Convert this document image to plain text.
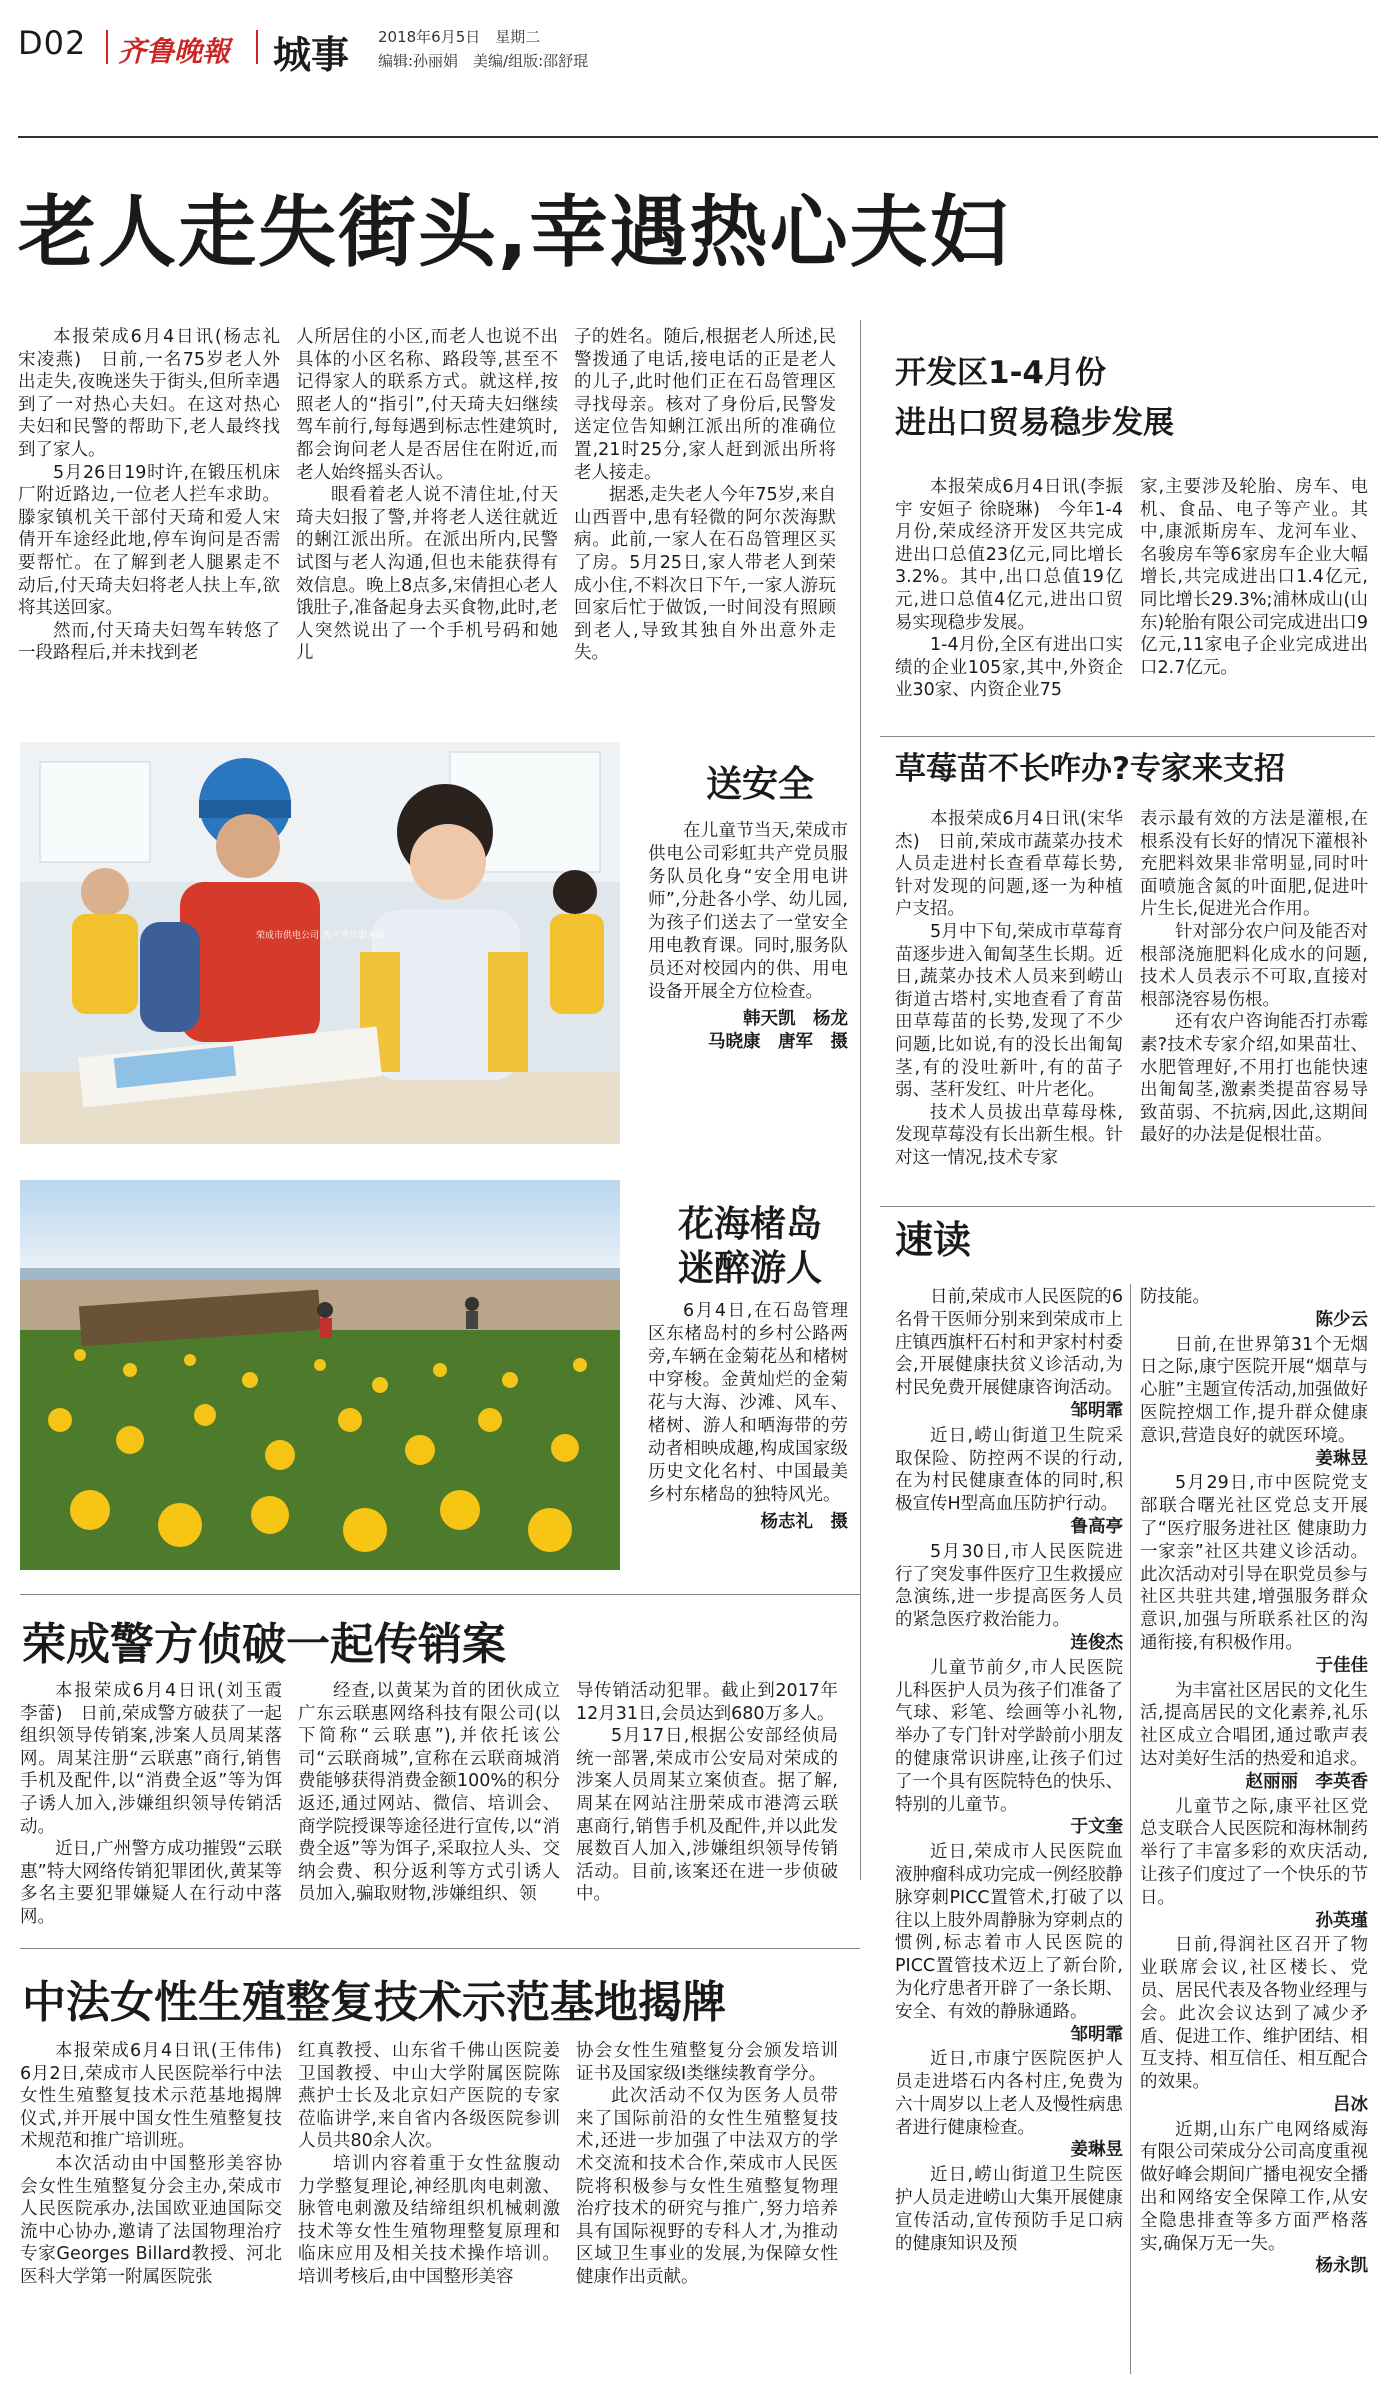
D02 齐鲁晚報 城事 2018年6月5日　星期二
编辑:孙丽娟　美编/组版:邵舒琨
老人走失街头,幸遇热心夫妇

本报荣成6月4日讯(杨志礼 宋凌燕)　日前,一名75岁老人外出走失,夜晚迷失于街头,但所幸遇到了一对热心夫妇。在这对热心夫妇和民警的帮助下,老人最终找到了家人。

5月26日19时许,在锻压机床厂附近路边,一位老人拦车求助。滕家镇机关干部付天琦和爱人宋倩开车途经此地,停车询问是否需要帮忙。在了解到老人腿累走不动后,付天琦夫妇将老人扶上车,欲将其送回家。

然而,付天琦夫妇驾车转悠了一段路程后,并未找到老

人所居住的小区,而老人也说不出具体的小区名称、路段等,甚至不记得家人的联系方式。就这样,按照老人的“指引”,付天琦夫妇继续驾车前行,每每遇到标志性建筑时,都会询问老人是否居住在附近,而老人始终摇头否认。

眼看着老人说不清住址,付天琦夫妇报了警,并将老人送往就近的蜊江派出所。在派出所内,民警试图与老人沟通,但也未能获得有效信息。晚上8点多,宋倩担心老人饿肚子,准备起身去买食物,此时,老人突然说出了一个手机号码和她儿

子的姓名。随后,根据老人所述,民警拨通了电话,接电话的正是老人的儿子,此时他们正在石岛管理区寻找母亲。核对了身份后,民警发送定位告知蜊江派出所的准确位置,21时25分,家人赶到派出所将老人接走。

据悉,走失老人今年75岁,来自山西晋中,患有轻微的阿尔茨海默病。此前,一家人在石岛管理区买了房。5月25日,家人带老人到荣成小住,不料次日下午,一家人游玩回家后忙于做饭,一时间没有照顾到老人,导致其独自外出意外走失。

开发区1-4月份
进出口贸易稳步发展

本报荣成6月4日讯(李振宇 安姮子 徐晓琳)　今年1-4月份,荣成经济开发区共完成进出口总值23亿元,同比增长3.2%。其中,出口总值19亿元,进口总值4亿元,进出口贸易实现稳步发展。

1-4月份,全区有进出口实绩的企业105家,其中,外资企业30家、内资企业75

家,主要涉及轮胎、房车、电机、食品、电子等产业。其中,康派斯房车、龙河车业、名骏房车等6家房车企业大幅增长,共完成进出口1.4亿元,同比增长29.3%;浦林成山(山东)轮胎有限公司完成进出口9亿元,11家电子企业完成进出口2.7亿元。

荣成市供电公司 共产党员服务队
送安全

在儿童节当天,荣成市供电公司彩虹共产党员服务队员化身“安全用电讲师”,分赴各小学、幼儿园,为孩子们送去了一堂安全用电教育课。同时,服务队员还对校园内的供、用电设备开展全方位检查。

韩天凯　杨龙

马晓康　唐军　摄

草莓苗不长咋办?专家来支招

本报荣成6月4日讯(宋华杰)　日前,荣成市蔬菜办技术人员走进村长查看草莓长势,针对发现的问题,逐一为种植户支招。

5月中下旬,荣成市草莓育苗逐步进入匍匐茎生长期。近日,蔬菜办技术人员来到崂山街道古塔村,实地查看了育苗田草莓苗的长势,发现了不少问题,比如说,有的没长出匍匐茎,有的没吐新叶,有的苗子弱、茎秆发红、叶片老化。

技术人员拔出草莓母株,发现草莓没有长出新生根。针对这一情况,技术专家

表示最有效的方法是灌根,在根系没有长好的情况下灌根补充肥料效果非常明显,同时叶面喷施含氮的叶面肥,促进叶片生长,促进光合作用。

针对部分农户问及能否对根部浇施肥料化成水的问题,技术人员表示不可取,直接对根部浇容易伤根。

还有农户咨询能否打赤霉素?技术专家介绍,如果苗壮、水肥管理好,不用打也能快速出匍匐茎,激素类提苗容易导致苗弱、不抗病,因此,这期间最好的办法是促根壮苗。

花海楮岛
迷醉游人

6月4日,在石岛管理区东楮岛村的乡村公路两旁,车辆在金菊花丛和楮树中穿梭。金黄灿烂的金菊花与大海、沙滩、风车、楮树、游人和晒海带的劳动者相映成趣,构成国家级历史文化名村、中国最美乡村东楮岛的独特风光。

杨志礼　摄

速读

日前,荣成市人民医院的6名骨干医师分别来到荣成市上庄镇西旗杆石村和尹家村村委会,开展健康扶贫义诊活动,为村民免费开展健康咨询活动。

邹明霏

近日,崂山街道卫生院采取保险、防控两不误的行动,在为村民健康查体的同时,积极宣传H型高血压防护行动。

鲁高亭

5月30日,市人民医院进行了突发事件医疗卫生救援应急演练,进一步提高医务人员的紧急医疗救治能力。

连俊杰

儿童节前夕,市人民医院儿科医护人员为孩子们准备了气球、彩笔、绘画等小礼物,举办了专门针对学龄前小朋友的健康常识讲座,让孩子们过了一个具有医院特色的快乐、特别的儿童节。

于文奎

近日,荣成市人民医院血液肿瘤科成功完成一例经胶静脉穿刺PICC置管术,打破了以往以上肢外周静脉为穿刺点的惯例,标志着市人民医院的PICC置管技术迈上了新台阶,为化疗患者开辟了一条长期、安全、有效的静脉通路。

邹明霏

近日,市康宁医院医护人员走进塔石内各村庄,免费为六十周岁以上老人及慢性病患者进行健康检查。

姜琳昱

近日,崂山街道卫生院医护人员走进崂山大集开展健康宣传活动,宣传预防手足口病的健康知识及预

防技能。

陈少云

日前,在世界第31个无烟日之际,康宁医院开展“烟草与心脏”主题宣传活动,加强做好医院控烟工作,提升群众健康意识,营造良好的就医环境。

姜琳昱

5月29日,市中医院党支部联合曙光社区党总支开展了“医疗服务进社区 健康助力一家亲”社区共建义诊活动。此次活动对引导在职党员参与社区共驻共建,增强服务群众意识,加强与所联系社区的沟通衔接,有积极作用。

于佳佳

为丰富社区居民的文化生活,提高居民的文化素养,礼乐社区成立合唱团,通过歌声表达对美好生活的热爱和追求。

赵丽丽　李英香

儿童节之际,康平社区党总支联合人民医院和海林制药举行了丰富多彩的欢庆活动,让孩子们度过了一个快乐的节日。

孙英瑾

日前,得润社区召开了物业联席会议,社区楼长、党员、居民代表及各物业经理与会。此次会议达到了减少矛盾、促进工作、维护团结、相互支持、相互信任、相互配合的效果。

吕冰

近期,山东广电网络威海有限公司荣成分公司高度重视做好峰会期间广播电视安全播出和网络安全保障工作,从安全隐患排查等多方面严格落实,确保万无一失。

杨永凯

荣成警方侦破一起传销案

本报荣成6月4日讯(刘玉霞 李蕾)　日前,荣成警方破获了一起组织领导传销案,涉案人员周某落网。周某注册“云联惠”商行,销售手机及配件,以“消费全返”等为饵子诱人加入,涉嫌组织领导传销活动。

近日,广州警方成功摧毁“云联惠”特大网络传销犯罪团伙,黄某等多名主要犯罪嫌疑人在行动中落网。

经查,以黄某为首的团伙成立广东云联惠网络科技有限公司(以下简称“云联惠”),并依托该公司“云联商城”,宣称在云联商城消费能够获得消费金额100%的积分返还,通过网站、微信、培训会、商学院授课等途径进行宣传,以“消费全返”等为饵子,采取拉人头、交纳会费、积分返利等方式引诱人员加入,骗取财物,涉嫌组织、领

导传销活动犯罪。截止到2017年12月31日,会员达到680万多人。

5月17日,根据公安部经侦局统一部署,荣成市公安局对荣成的涉案人员周某立案侦查。据了解,周某在网站注册荣成市港湾云联惠商行,销售手机及配件,并以此发展数百人加入,涉嫌组织领导传销活动。目前,该案还在进一步侦破中。

中法女性生殖整复技术示范基地揭牌

本报荣成6月4日讯(王伟伟)　6月2日,荣成市人民医院举行中法女性生殖整复技术示范基地揭牌仪式,并开展中国女性生殖整复技术规范和推广培训班。

本次活动由中国整形美容协会女性生殖整复分会主办,荣成市人民医院承办,法国欧亚迪国际交流中心协办,邀请了法国物理治疗专家Georges Billard教授、河北医科大学第一附属医院张

红真教授、山东省千佛山医院姜卫国教授、中山大学附属医院陈燕护士长及北京妇产医院的专家莅临讲学,来自省内各级医院参训人员共80余人次。

培训内容着重于女性盆腹动力学整复理论,神经肌肉电刺激、脉管电刺激及结缔组织机械刺激技术等女性生殖物理整复原理和临床应用及相关技术操作培训。培训考核后,由中国整形美容

协会女性生殖整复分会颁发培训证书及国家级Ⅰ类继续教育学分。

此次活动不仅为医务人员带来了国际前沿的女性生殖整复技术,还进一步加强了中法双方的学术交流和技术合作,荣成市人民医院将积极参与女性生殖整复物理治疗技术的研究与推广,努力培养具有国际视野的专科人才,为推动区域卫生事业的发展,为保障女性健康作出贡献。
